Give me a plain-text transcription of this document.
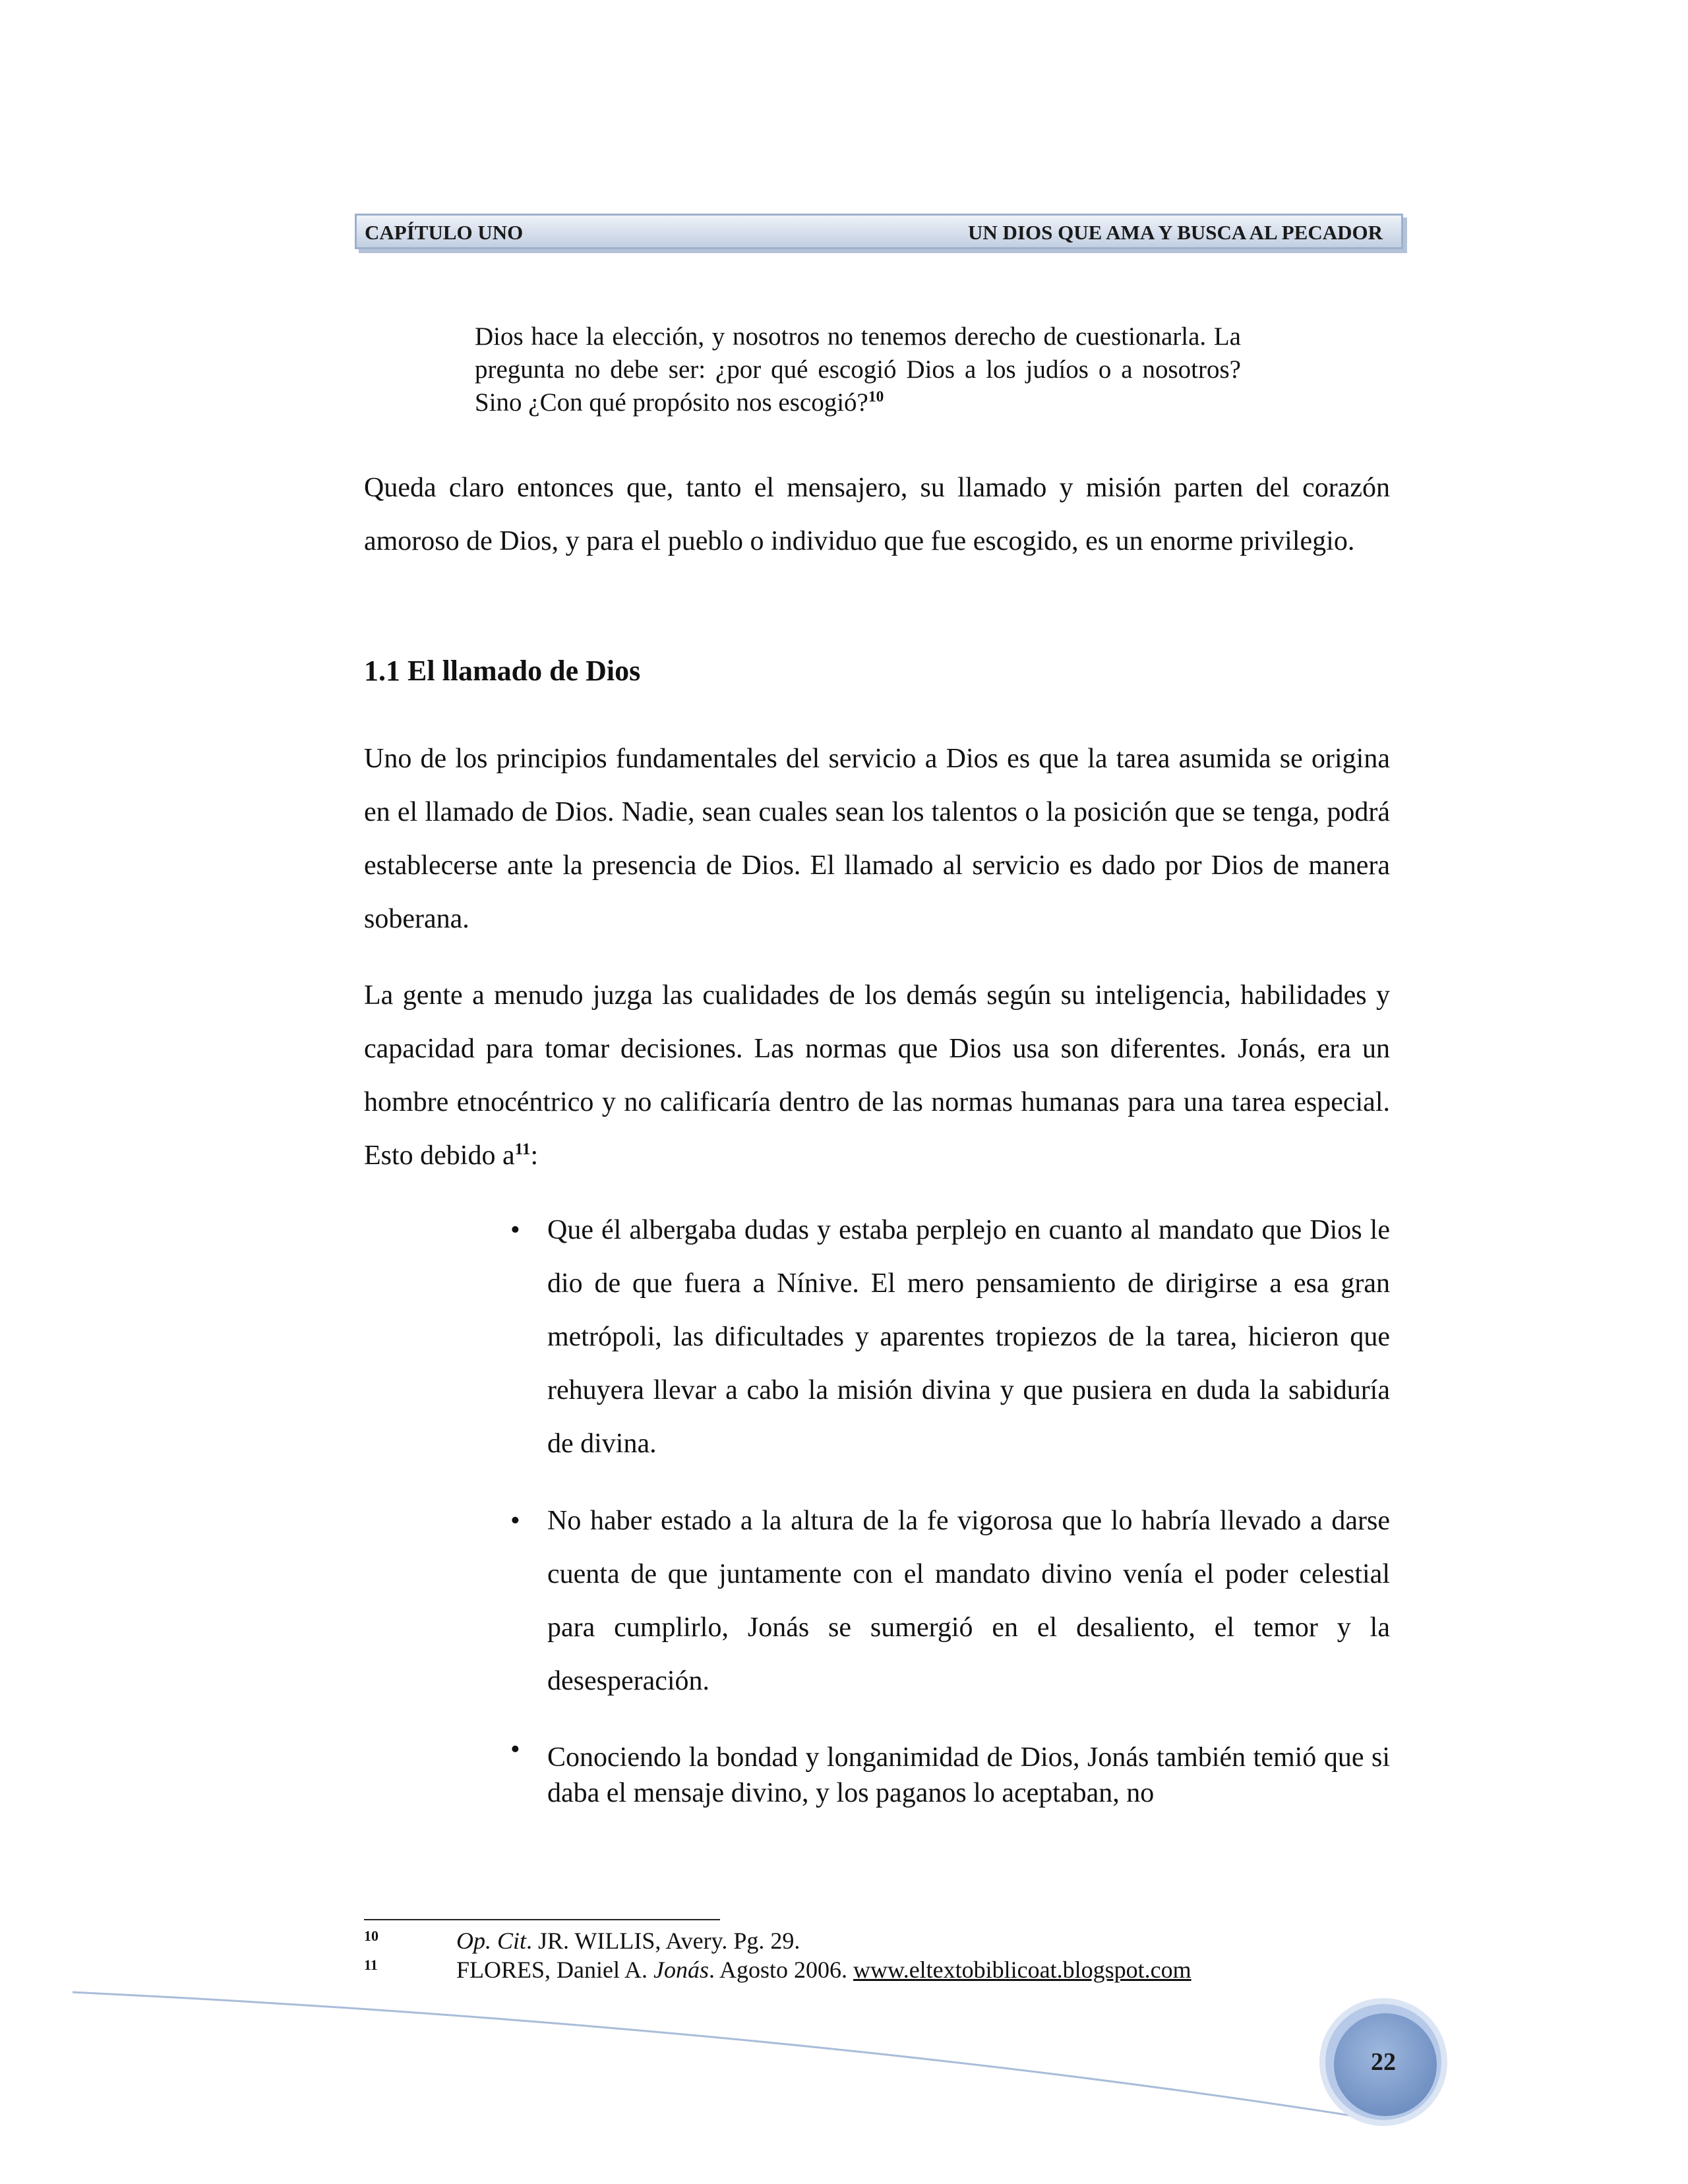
CAPÍTULO UNO	UN DIOS QUE AMA Y BUSCA AL PECADOR
Dios hace la elección, y nosotros no tenemos derecho de cuestionarla. La pregunta no debe ser: ¿por qué escogió Dios a los judíos o a nosotros? Sino ¿Con qué propósito nos escogió?$^{10}$
Queda claro entonces que, tanto el mensajero, su llamado y misión parten del corazón amoroso de Dios, y para el pueblo o individuo que fue escogido, es un enorme privilegio.
1.1 El llamado de Dios
Uno de los principios fundamentales del servicio a Dios es que la tarea asumida se origina en el llamado de Dios. Nadie, sean cuales sean los talentos o la posición que se tenga, podrá establecerse ante la presencia de Dios. El llamado al servicio es dado por Dios de manera soberana.
La gente a menudo juzga las cualidades de los demás según su inteligencia, habilidades y capacidad para tomar decisiones. Las normas que Dios usa son diferentes. Jonás, era un hombre etnocéntrico y no calificaría dentro de las normas humanas para una tarea especial. Esto debido $a^{11}$:
• Que él albergaba dudas y estaba perplejo en cuanto al mandato que Dios le dio de que fuera a Nínive. El mero pensamiento de dirigirse a esa gran metrópoli, las dificultades y aparentes tropiezos de la tarea, hicieron que rehuyera llevar a cabo la misión divina y que pusiera en duda la sabiduría de divina.
• No haber estado a la altura de la fe vigorosa que lo habría llevado a darse cuenta de que juntamente con el mandato divino venía el poder celestial para cumplirlo, Jonás se sumergió en el desaliento, el temor y la desesperación.
• Conociendo la bondad y longanimidad de Dios, Jonás también temió que si daba el mensaje divino, y los paganos lo aceptaban, no
10	Op. Cit. JR. WILLIS, Avery. Pg. 29.
11	FLORES, Daniel A. Jonás. Agosto 2006. www.eltextobiblicoat.blogspot.com
22
